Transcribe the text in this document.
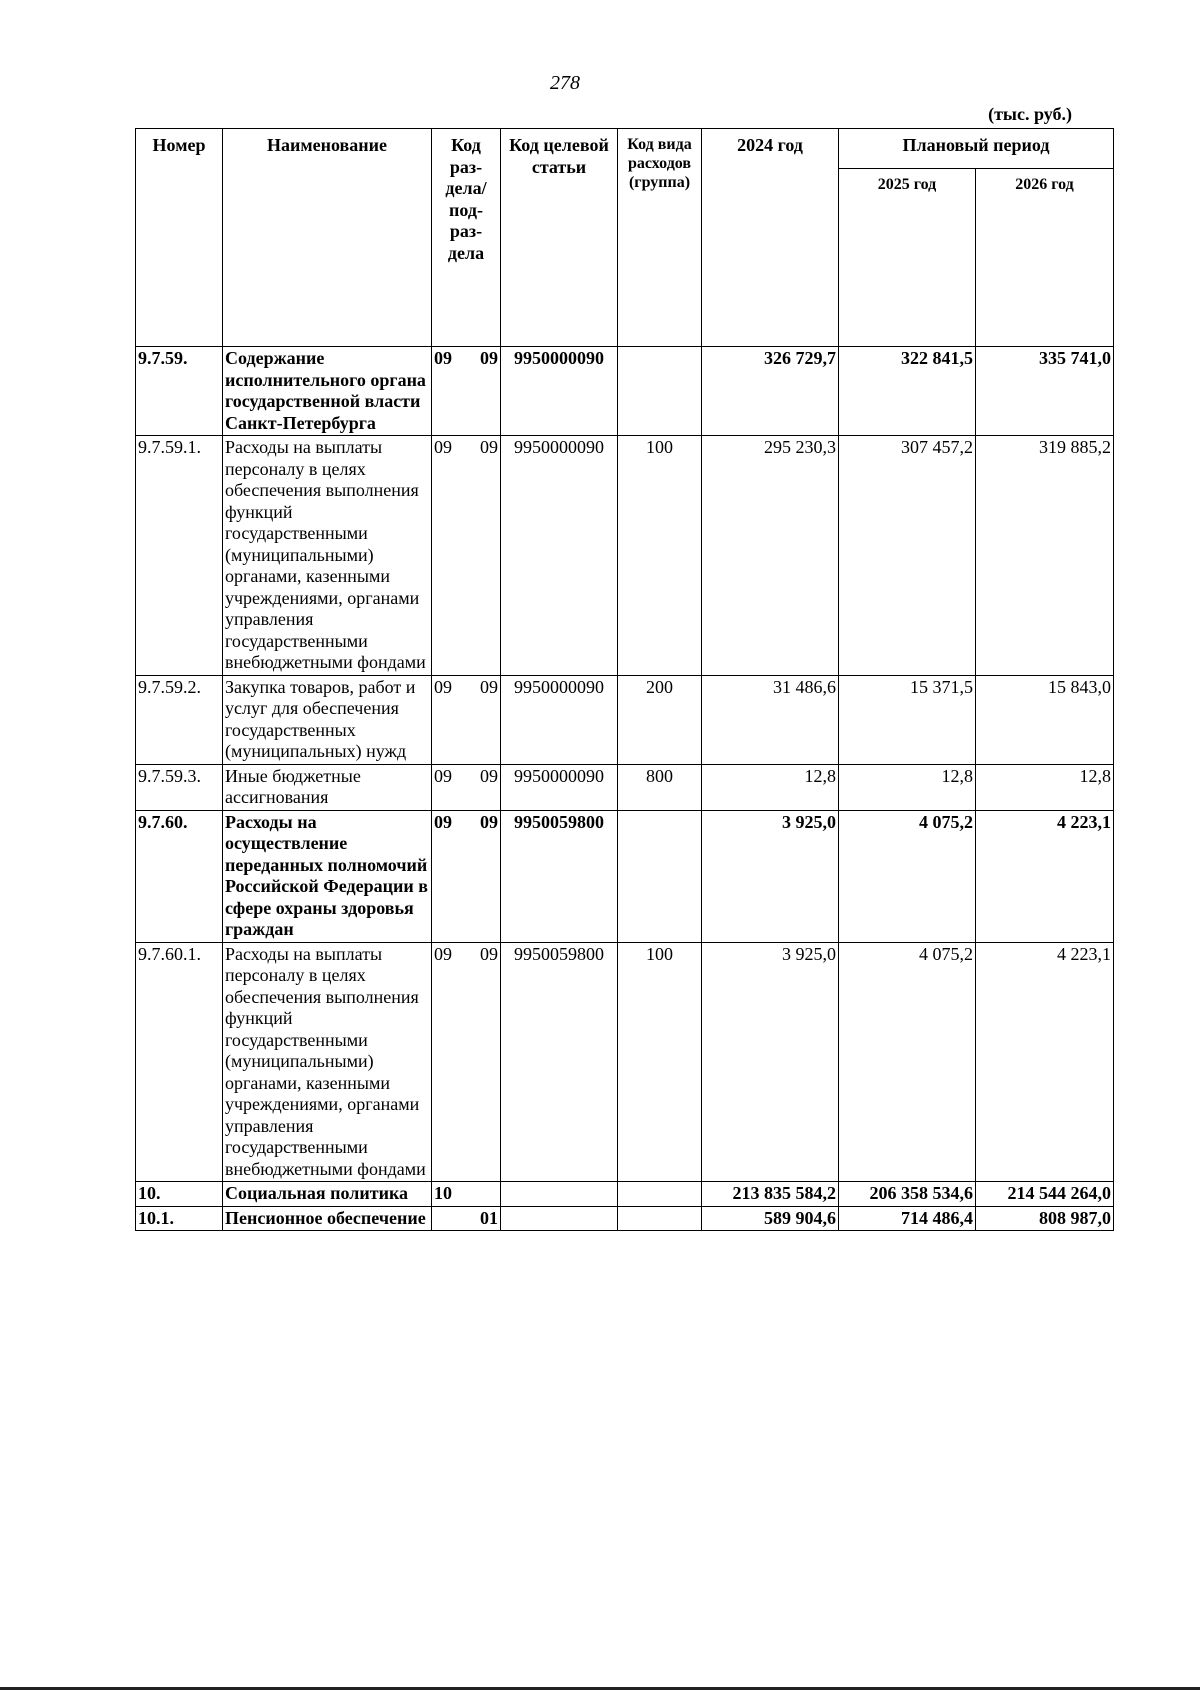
278
(тыс. руб.)
Номер	Наименование	Код раз-дела/ под-раз-дела	Код целевой статьи	Код вида расходов (группа)	2024 год	Плановый период	
						2025 год	2026 год
9.7.59.	Содержание исполнительного органа государственной власти Санкт-Петербурга	09 09	9950000090		326 729,7	322 841,5	335 741,0
9.7.59.1.	Расходы на выплаты персоналу в целях обеспечения выполнения функций государственными (муниципальными) органами, казенными учреждениями, органами управления государственными внебюджетными фондами	09 09	9950000090	100	295 230,3	307 457,2	319 885,2
9.7.59.2.	Закупка товаров, работ и услуг для обеспечения государственных (муниципальных) нужд	09 09	9950000090	200	31 486,6	15 371,5	15 843,0
9.7.59.3.	Иные бюджетные ассигнования	09 09	9950000090	800	12,8	12,8	12,8
9.7.60.	Расходы на осуществление переданных полномочий Российской Федерации в сфере охраны здоровья граждан	09 09	9950059800		3 925,0	4 075,2	4 223,1
9.7.60.1.	Расходы на выплаты персоналу в целях обеспечения выполнения функций государственными (муниципальными) органами, казенными учреждениями, органами управления государственными внебюджетными фондами	09 09	9950059800	100	3 925,0	4 075,2	4 223,1
10.	Социальная политика	10			213 835 584,2	206 358 534,6	214 544 264,0
10.1.	Пенсионное обеспечение	01			589 904,6	714 486,4	808 987,0
